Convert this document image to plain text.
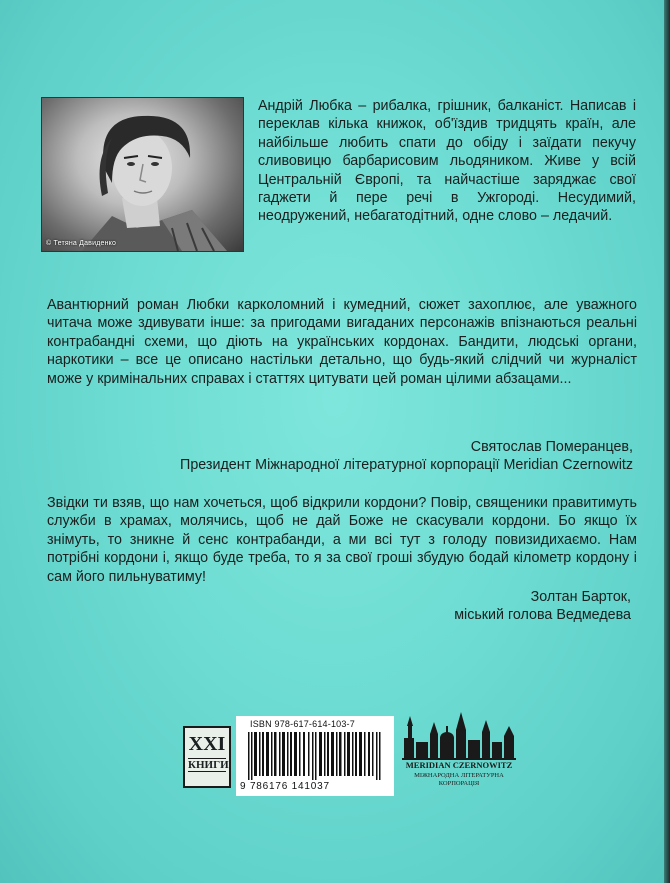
© Тетяна Давиденко

Андрій Любка – рибалка, грішник, балканіст. Написав і переклав кілька книжок, об'їздив тридцять країн, але найбільше любить спати до обіду і заїдати пекучу сливовицю барбарисовим льодяником. Живе у всій Центральній Європі, та найчастіше заряджає свої гаджети й пере речі в Ужгороді. Несудимий, неодружений, небагатодітний, одне слово – ледачий.

Авантюрний роман Любки карколомний і кумедний, сюжет захоплює, але уважного читача може здивувати інше: за пригодами вигаданих персонажів впізнаються реальні контрабандні схеми, що діють на українських кордонах. Бандити, людські органи, наркотики – все це описано настільки детально, що будь-який слідчий чи журналіст може у кримінальних справах і статтях цитувати цей роман цілими абзацами...

Святослав Померанцев,
Президент Міжнародної літературної корпорації Meridian Czernowitz

Звідки ти взяв, що нам хочеться, щоб відкрили кордони? Повір, священики правитимуть служби в храмах, молячись, щоб не дай Боже не скасували кордони. Бо якщо їх знімуть, то зникне й сенс контрабанди, а ми всі тут з голоду повизидихаємо. Нам потрібні кордони і, якщо буде треба, то я за свої гроші збудую бодай кілометр кордону і сам його пильнуватиму!

Золтан Барток,
міський голова Ведмедева
XXI
КНИГИ
ISBN 978-617-614-103-7
9 786176 141037
MERIDIAN CZERNOWITZ
МІЖНАРОДНА ЛІТЕРАТУРНА
КОРПОРАЦІЯ
